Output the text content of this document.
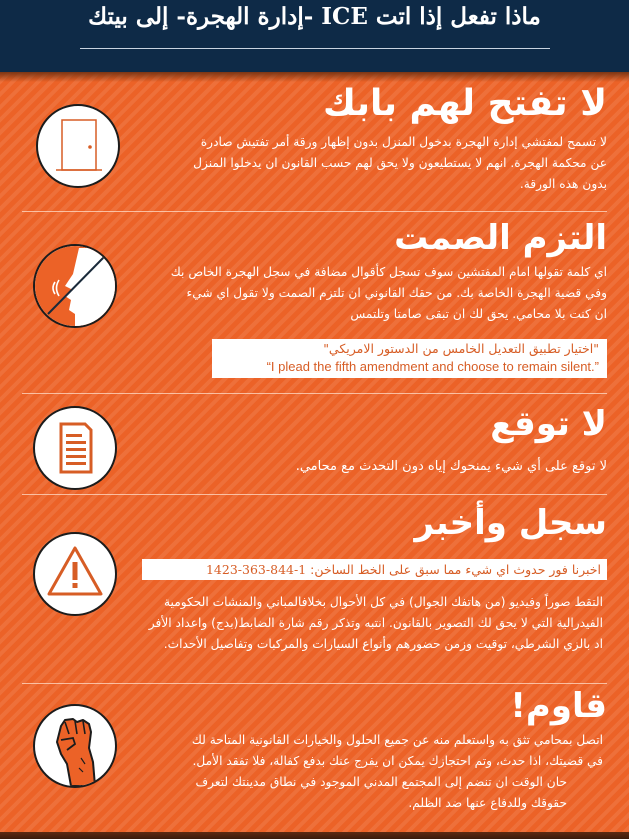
ماذا تفعل إذا اتت ICE -إدارة الهجرة- إلى بيتك
لا تفتح لهم بابك
لا تسمح لمفتشي إدارة الهجرة بدخول المنزل بدون إظهار ورقة أمر تفتيش صادرة
عن محكمة الهجرة. انهم لا يستطيعون ولا يحق لهم حسب القانون ان يدخلوا المنزل
بدون هذه الورقة.
التزم الصمت
اي كلمة تقولها امام المفتشين سوف تسجل كأقوال مضافة في سجل الهجرة الخاص بك
وفي قضية الهجرة الخاصة بك. من حقك القانوني ان تلتزم الصمت ولا تقول اي شيء
ان كنت بلا محامي. يحق لك ان تبقى صامتا وتلتمس
"اختيار تطبيق التعديل الخامس من الدستور الامريكي"
“I plead the fifth amendment and choose to remain silent.”
لا توقع
لا توقع على أي شيء يمنحوك إياه دون التحدث مع محامي.
سجل وأخبر
اخبرنا فور حدوث اي شيء مما سبق على الخط الساخن: 1-844-363-1423
التقط صوراً وفيديو (من هاتفك الجوال) في كل الأحوال بخلافالمباني والمنشات الحكومية
الفيدرالية التي لا يحق لك التصوير بالقانون. انتبه وتذكر رقم شارة الضابط(بدج) واعداد الأفر
اد بالزي الشرطي، توقيت وزمن حضورهم وأنواع السيارات والمركبات وتفاصيل الأحداث.
قاوم!
اتصل بمحامي تثق به واستعلم منه عن جميع الحلول والخيارات القانونية المتاحة لك
في قضيتك، اذا حدث، وتم احتجازك يمكن ان يفرج عنك بدفع كفالة، فلا تفقد الأمل.
حان الوقت ان تنضم إلى المجتمع المدني الموجود في نطاق مدينتك لتعرف
حقوقك وللدفاع عنها ضد الظلم.
